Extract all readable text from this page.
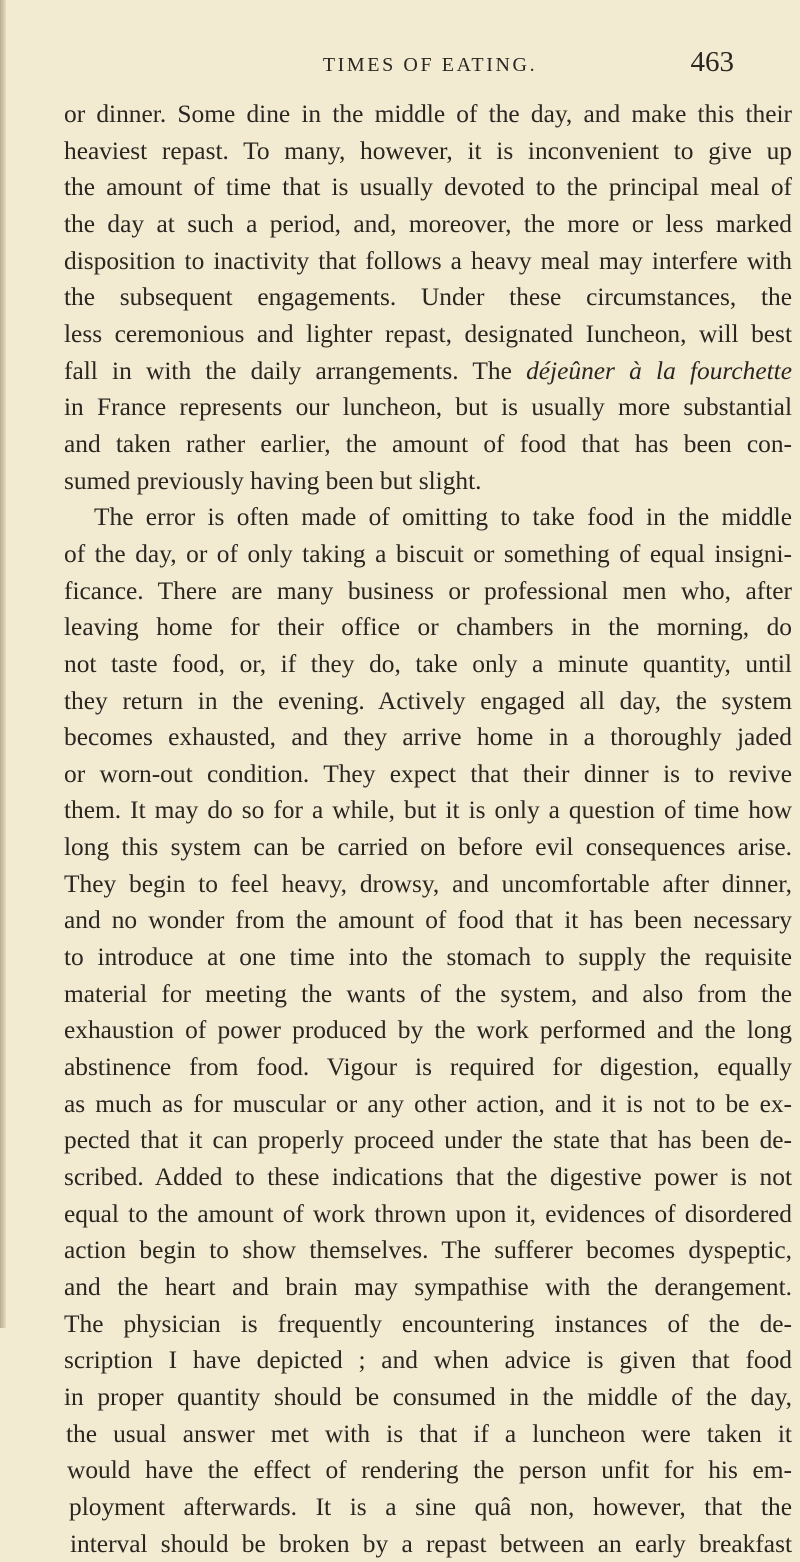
TIMES OF EATING.	463
or dinner. Some dine in the middle of the day, and make this their
heaviest repast. To many, however, it is inconvenient to give up
the amount of time that is usually devoted to the principal meal of
the day at such a period, and, moreover, the more or less marked
disposition to inactivity that follows a heavy meal may interfere with
the subsequent engagements. Under these circumstances, the
less ceremonious and lighter repast, designated Iuncheon, will best
fall in with the daily arrangements. The déjeûner à la fourchette
in France represents our luncheon, but is usually more substantial
and taken rather earlier, the amount of food that has been con-
sumed previously having been but slight.
The error is often made of omitting to take food in the middle
of the day, or of only taking a biscuit or something of equal insigni-
ficance. There are many business or professional men who, after
leaving home for their office or chambers in the morning, do
not taste food, or, if they do, take only a minute quantity, until
they return in the evening. Actively engaged all day, the system
becomes exhausted, and they arrive home in a thoroughly jaded
or worn-out condition. They expect that their dinner is to revive
them. It may do so for a while, but it is only a question of time how
long this system can be carried on before evil consequences arise.
They begin to feel heavy, drowsy, and uncomfortable after dinner,
and no wonder from the amount of food that it has been necessary
to introduce at one time into the stomach to supply the requisite
material for meeting the wants of the system, and also from the
exhaustion of power produced by the work performed and the long
abstinence from food. Vigour is required for digestion, equally
as much as for muscular or any other action, and it is not to be ex-
pected that it can properly proceed under the state that has been de-
scribed. Added to these indications that the digestive power is not
equal to the amount of work thrown upon it, evidences of disordered
action begin to show themselves. The sufferer becomes dyspeptic,
and the heart and brain may sympathise with the derangement.
The physician is frequently encountering instances of the de-
scription I have depicted ; and when advice is given that food
in proper quantity should be consumed in the middle of the day,
the usual answer met with is that if a luncheon were taken it
would have the effect of rendering the person unfit for his em-
ployment afterwards. It is a sine quâ non, however, that the
interval should be broken by a repast between an early breakfast
